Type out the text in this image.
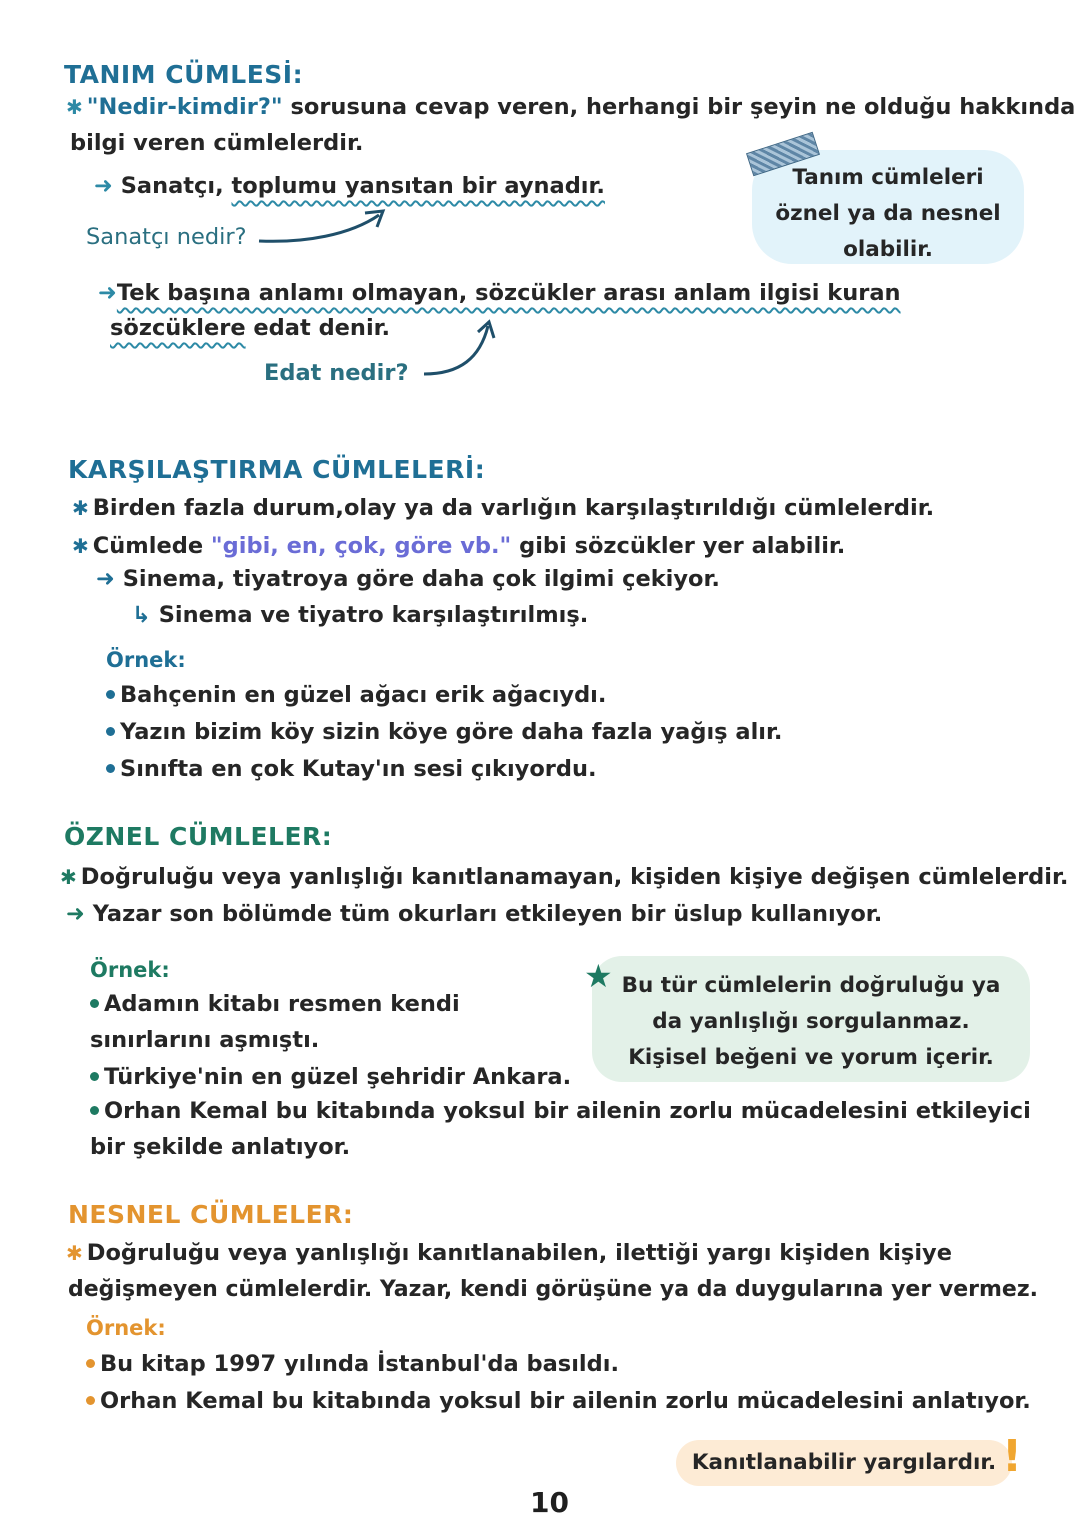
TANIM CÜMLESİ:
✱ "Nedir-kimdir?" sorusuna cevap veren, herhangi bir şeyin ne olduğu hakkında
bilgi veren cümlelerdir.
➜ Sanatçı, toplumu yansıtan bir aynadır.
Sanatçı nedir?
➜Tek başına anlamı olmayan, sözcükler arası anlam ilgisi kuran
sözcüklere edat denir.
Edat nedir?
Tanım cümleleri
öznel ya da nesnel
olabilir.
KARŞILAŞTIRMA CÜMLELERİ:
✱ Birden fazla durum,olay ya da varlığın karşılaştırıldığı cümlelerdir.
✱ Cümlede "gibi, en, çok, göre vb." gibi sözcükler yer alabilir.
➜ Sinema, tiyatroya göre daha çok ilgimi çekiyor.
↳ Sinema ve tiyatro karşılaştırılmış.
Örnek:
Bahçenin en güzel ağacı erik ağacıydı.
Yazın bizim köy sizin köye göre daha fazla yağış alır.
Sınıfta en çok Kutay'ın sesi çıkıyordu.
ÖZNEL CÜMLELER:
✱ Doğruluğu veya yanlışlığı kanıtlanamayan, kişiden kişiye değişen cümlelerdir.
➜ Yazar son bölümde tüm okurları etkileyen bir üslup kullanıyor.
Örnek:
Adamın kitabı resmen kendi
sınırlarını aşmıştı.
Türkiye'nin en güzel şehridir Ankara.
Orhan Kemal bu kitabında yoksul bir ailenin zorlu mücadelesini etkileyici
bir şekilde anlatıyor.
Bu tür cümlelerin doğruluğu ya
da yanlışlığı sorgulanmaz.
Kişisel beğeni ve yorum içerir.
★
NESNEL CÜMLELER:
✱ Doğruluğu veya yanlışlığı kanıtlanabilen, ilettiği yargı kişiden kişiye
değişmeyen cümlelerdir. Yazar, kendi görüşüne ya da duygularına yer vermez.
Örnek:
Bu kitap 1997 yılında İstanbul'da basıldı.
Orhan Kemal bu kitabında yoksul bir ailenin zorlu mücadelesini anlatıyor.
Kanıtlanabilir yargılardır. !
10
